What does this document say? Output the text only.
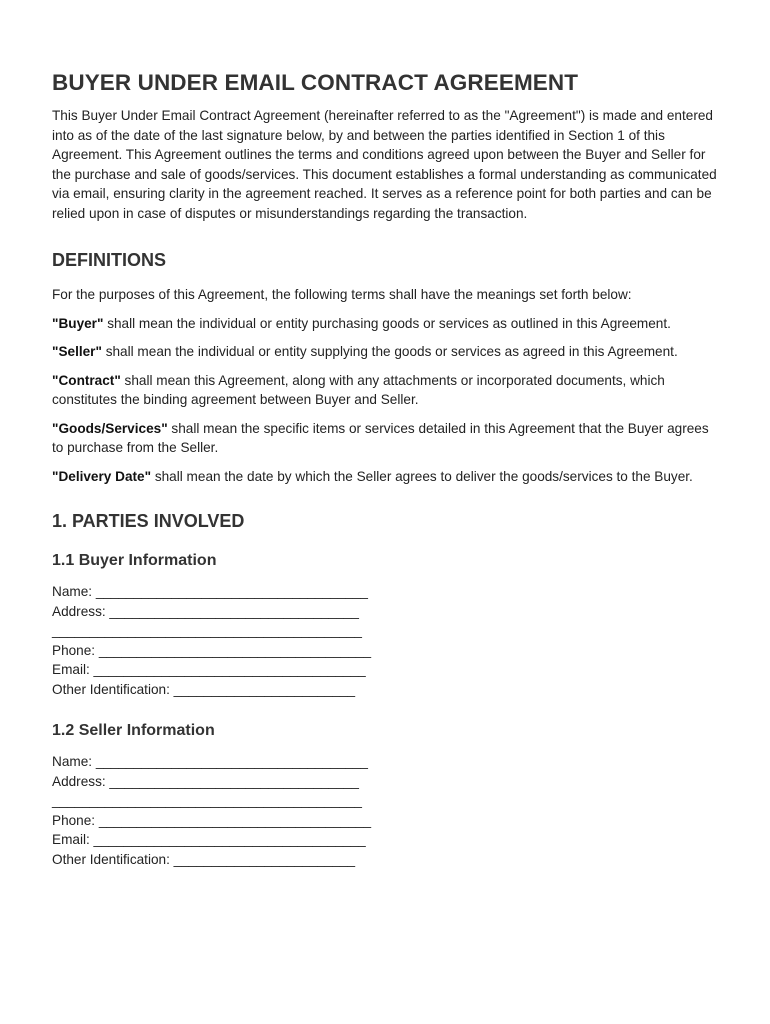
BUYER UNDER EMAIL CONTRACT AGREEMENT

This Buyer Under Email Contract Agreement (hereinafter referred to as the "Agreement") is made and entered into as of the date of the last signature below, by and between the parties identified in Section 1 of this Agreement. This Agreement outlines the terms and conditions agreed upon between the Buyer and Seller for the purchase and sale of goods/services. This document establishes a formal understanding as communicated via email, ensuring clarity in the agreement reached. It serves as a reference point for both parties and can be relied upon in case of disputes or misunderstandings regarding the transaction.

DEFINITIONS

For the purposes of this Agreement, the following terms shall have the meanings set forth below:

"Buyer" shall mean the individual or entity purchasing goods or services as outlined in this Agreement.

"Seller" shall mean the individual or entity supplying the goods or services as agreed in this Agreement.

"Contract" shall mean this Agreement, along with any attachments or incorporated documents, which constitutes the binding agreement between Buyer and Seller.

"Goods/Services" shall mean the specific items or services detailed in this Agreement that the Buyer agrees to purchase from the Seller.

"Delivery Date" shall mean the date by which the Seller agrees to deliver the goods/services to the Buyer.

1. PARTIES INVOLVED
1.1 Buyer Information

Name: ____________________________________

Address: _________________________________

_________________________________________

Phone: ____________________________________

Email: ____________________________________

Other Identification: ________________________

1.2 Seller Information

Name: ____________________________________

Address: _________________________________

_________________________________________

Phone: ____________________________________

Email: ____________________________________

Other Identification: ________________________
